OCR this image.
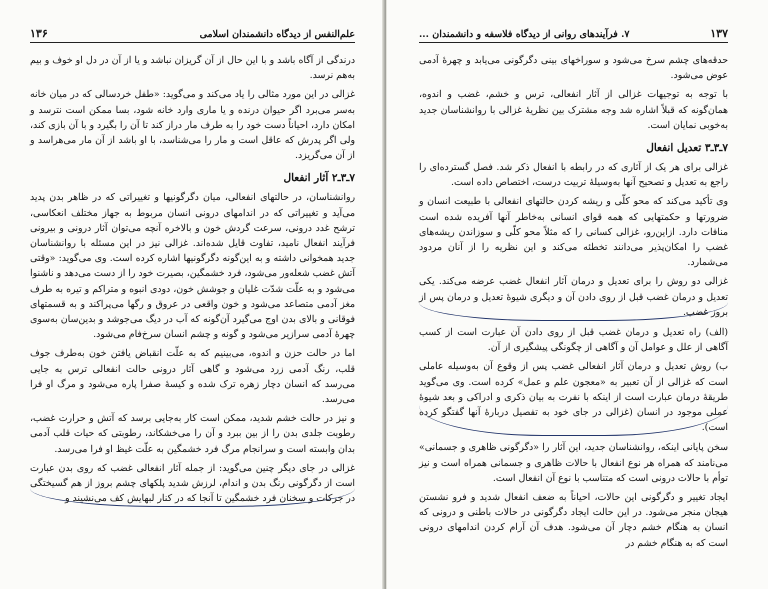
علم‌النفس از دیدگاه دانشمندان اسلامی
۱۳۶

درندگی از آگاه باشد و با این حال از آن گریزان نباشد و یا از آن در دل او خوف و بیم به‌هم نرسد.

غزالی در این مورد مثالی را یاد می‌کند و می‌گوید: «طفل خردسالی که در میان خانه به‌سر می‌برد اگر حیوان درنده و یا ماری وارد خانه شود، بسا ممکن است نترسد و امکان دارد، احیاناً دست خود را به طرف مار دراز کند تا آن را بگیرد و با آن بازی کند، ولی اگر پدرش که عاقل است و مار را می‌شناسد، با او باشد از آن مار می‌هراسد و از آن می‌گریزد.

۷ـ۳ـ۲ آثار انفعال

روانشناسان، در حالتهای انفعالی، میان دگرگونیها و تغییراتی که در ظاهر بدن پدید می‌آید و تغییراتی که در اندامهای درونی انسان مربوط به جهاز مختلف انعکاسی، ترشح غدد درونی، سرعت گردش خون و بالاخره آنچه می‌توان آثار درونی و بیرونی فرآیند انفعال نامید، تفاوت قایل شده‌اند. غزالی نیز در این مسئله با روانشناسان جدید همخوانی داشته و به این‌گونه دگرگونیها اشاره کرده است. وی می‌گوید: «وقتی آتش غضب شعله‌ور می‌شود، فرد خشمگین، بصیرت خود را از دست می‌دهد و ناشنوا می‌شود و به علّت شدّت غلیان و جوشش خون، دودی انبوه و متراکم و تیره به طرف مغز آدمی متصاعد می‌شود و خون واقعی در عروق و رگها می‌پراکند و به قسمتهای فوقانی و بالای بدن اوج می‌گیرد آن‌گونه که آب در دیگ می‌جوشد و بدین‌سان به‌سوی چهرهٔ آدمی سرازیر می‌شود و گونه و چشم انسان سرخ‌فام می‌شود.

اما در حالت حزن و اندوه، می‌بینیم که به علّت انقباض یافتن خون به‌طرف جوف قلب، رنگ آدمی زرد می‌شود و گاهی آثار درونی حالت انفعالی ترس به جایی می‌رسد که انسان دچار زهره ترک شده و کیسهٔ صفرا پاره می‌شود و مرگ او فرا می‌رسد.

و نیز در حالت خشم شدید، ممکن است کار به‌جایی برسد که آتش و حرارت غضب، رطوبت جلدی بدن را از بین ببرد و آن را می‌خشکاند، رطوبتی که حیات قلب آدمی بدان وابسته است و سرانجام مرگ فرد خشمگین به علّت غیظ او فرا می‌رسد.

غزالی در جای دیگر چنین می‌گوید: از جمله آثار انفعالی غضب که روی بدن عبارت است از دگرگونی رنگ بدن و اندام، لرزش شدید پلکهای چشم بروز از هم گسیختگی در جرکات و سخنان فرد خشمگین تا آنجا که در کنار لبهایش کف می‌نشیند و

۱۳۷
۷. فرآیندهای روانی از دیدگاه فلاسفه و دانشمندان ...

حدقه‌های چشم سرخ می‌شود و سوراخهای بینی دگرگونی می‌یابد و چهرهٔ آدمی عوض می‌شود.

با توجه به توجیهات غزالی از آثار انفعالی، ترس و خشم، غضب و اندوه، همان‌گونه که قبلاً اشاره شد وجه مشترک بین نظریهٔ غزالی با روانشناسان جدید به‌خوبی نمایان است.

۷ـ۳ـ۳ تعدیل انفعال

غزالی برای هر یک از آثاری که در رابطه با انفعال ذکر شد. فصل گسترده‌ای را راجع به تعدیل و تصحیح آنها به‌وسیلهٔ تربیت درست، اختصاص داده است.

وی تأکید می‌کند که محو کلّی و ریشه کردن حالتهای انفعالی با طبیعت انسان و ضرورتها و حکمتهایی که همه قوای انسانی به‌خاطر آنها آفریده شده است منافات دارد. ازاین‌رو، غزالی کسانی را که مثلاً محو کلّی و سوزاندن ریشه‌های غضب را امکان‌پذیر می‌دانند تخطئه می‌کند و این نظریه را از آنان مردود می‌شمارد.

غزالی دو روش را برای تعدیل و درمان آثار انفعال غضب عرضه می‌کند. یکی تعدیل و درمان غضب قبل از روی دادن آن و دیگری شیوهٔ تعدیل و درمان پس از بروز غضب.

(الف) راه تعدیل و درمان غضب قبل از روی دادن آن عبارت است از کسب آگاهی از علل و عوامل آن و آگاهی از چگونگی پیشگیری از آن.

ب) روش تعدیل و درمان آثار انفعالی غضب پس از وقوع آن به‌وسیله عاملی است که غزالی از آن تعبیر به «معجون علم و عمل» کرده است. وی می‌گوید طریقهٔ درمان عبارت است از اینکه با نفرت به بیان ذکری و ادراکی و بعد شیوهٔ عملی موجود در انسان (غزالی در جای خود به تفصیل دربارهٔ آنها گفتگو کرده است).

سخن پایانی اینکه، روانشناسان جدید، این آثار را «دگرگونی ظاهری و جسمانی» می‌نامند که همراه هر نوع انفعال با حالات ظاهری و جسمانی همراه است و نیز توأم با حالات درونی است که متناسب با نوع آن انفعال است.

ایجاد تغییر و دگرگونی این حالات، احیاناً به ضعف انفعال شدید و فرو نشستن هیجان منجر می‌شود. در این حالت ایجاد دگرگونی در حالات باطنی و درونی که انسان به هنگام خشم دچار آن می‌شود. هدف آن آرام کردن اندامهای درونی است که به هنگام خشم در
